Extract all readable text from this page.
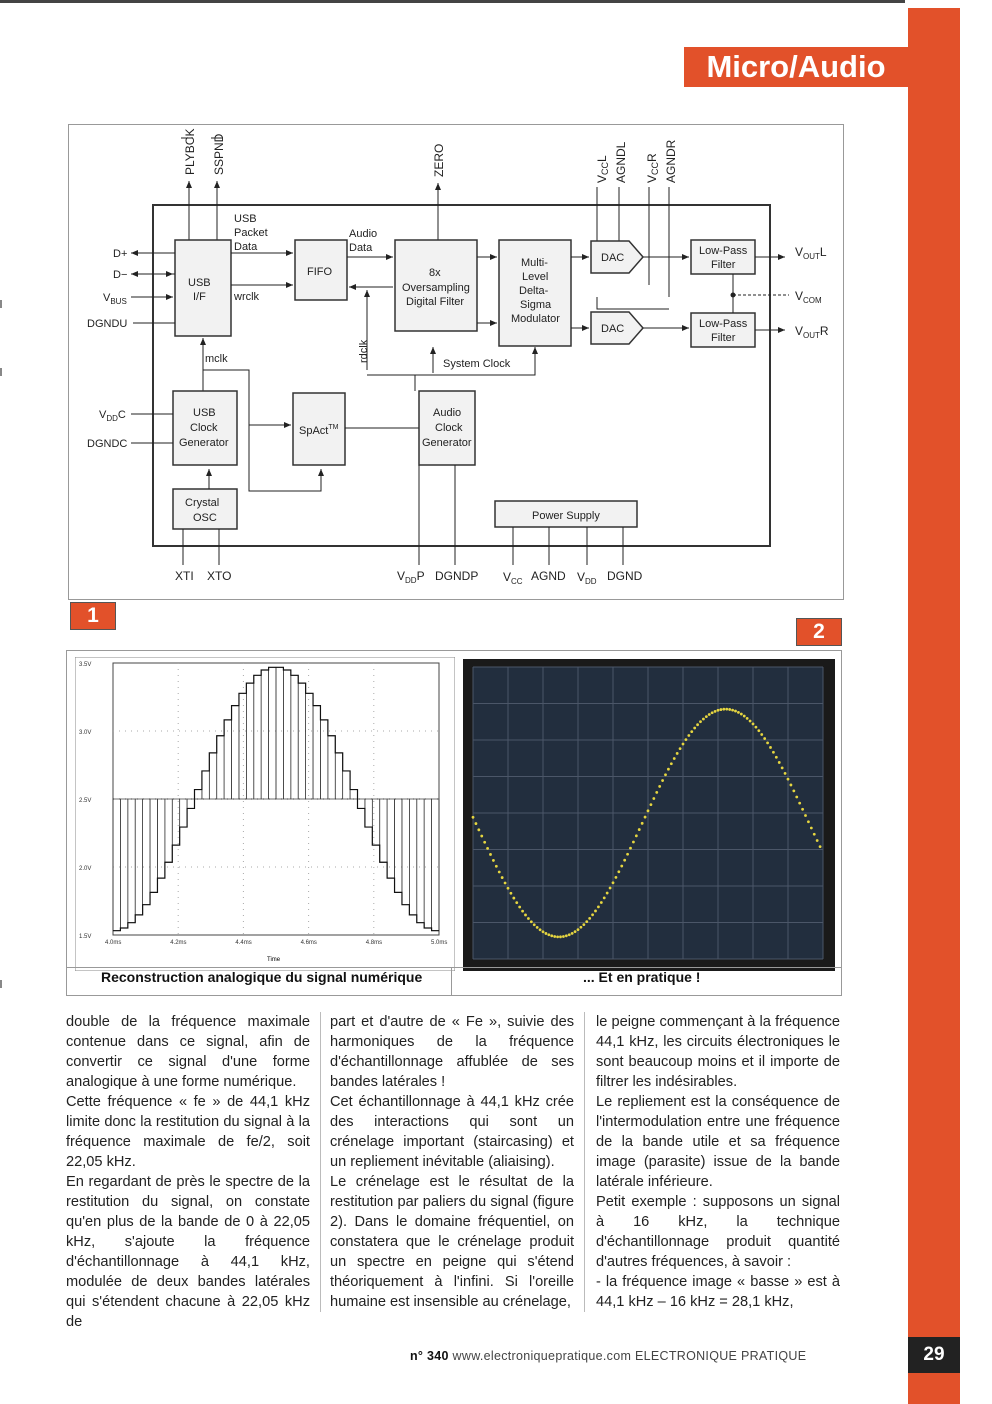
Micro/Audio
PLYBCK SSPND	ZERO
VCCL AGNDL VCCR AGNDR
USB
I/F
USB
Packet
Data
wrclk
D+
D−
$V_{BUS}$
DGNDU
FIFO
Audio
Data
8x
Oversampling
Digital Filter
Multi-
Level
Delta-
Sigma
Modulator
DAC
DAC
Low-Pass
Filter
Low-Pass
Filter
$V_{OUT}L$
$V_{COM}$
$V_{OUT}R$
mclk	rdclk
System Clock
USB
Clock
Generator
$V_{DD}C$
DGNDC
SpAct™
Audio
Clock
Generator
Crystal
OSC	Power Supply
XTI XTO	$V_{DD}P$ DGNDP $V_{CC}$ AGND $V_{DD}$ DGND
1
2
3.5V
3.0V
2.5V
2.0V
1.5V
4.0ms	4.2ms	4.4ms	4.6ms	4.8ms	5.0ms
Time
Reconstruction analogique du signal numérique	... Et en pratique !

double de la fréquence maximale contenue dans ce signal, afin de convertir ce signal d'une forme analogique à une forme numérique.

Cette fréquence « fe » de 44,1 kHz limite donc la restitution du signal à la fréquence maximale de fe/2, soit 22,05 kHz.

En regardant de près le spectre de la restitution du signal, on constate qu'en plus de la bande de 0 à 22,05 kHz, s'ajoute la fréquence d'échantillonnage à 44,1 kHz, modulée de deux bandes latérales qui s'étendent chacune à 22,05 kHz de

part et d'autre de « Fe », suivie des harmoniques de la fréquence d'échantillonnage affublée de ses bandes latérales !

Cet échantillonnage à 44,1 kHz crée des interactions qui sont un crénelage important (staircasing) et un repliement inévitable (aliaising).

Le crénelage est le résultat de la restitution par paliers du signal (figure 2). Dans le domaine fréquentiel, on constatera que le crénelage produit un spectre en peigne qui s'étend théoriquement à l'infini. Si l'oreille humaine est insensible au crénelage,

le peigne commençant à la fréquence 44,1 kHz, les circuits électroniques le sont beaucoup moins et il importe de filtrer les indésirables.

Le repliement est la conséquence de l'intermodulation entre une fréquence de la bande utile et sa fréquence image (parasite) issue de la bande latérale inférieure.

Petit exemple : supposons un signal à 16 kHz, la technique d'échantillonnage produit quantité d'autres fréquences, à savoir :

- la fréquence image « basse » est à 44,1 kHz – 16 kHz = 28,1 kHz,

n° 340 www.electroniquepratique.com ELECTRONIQUE PRATIQUE	29
